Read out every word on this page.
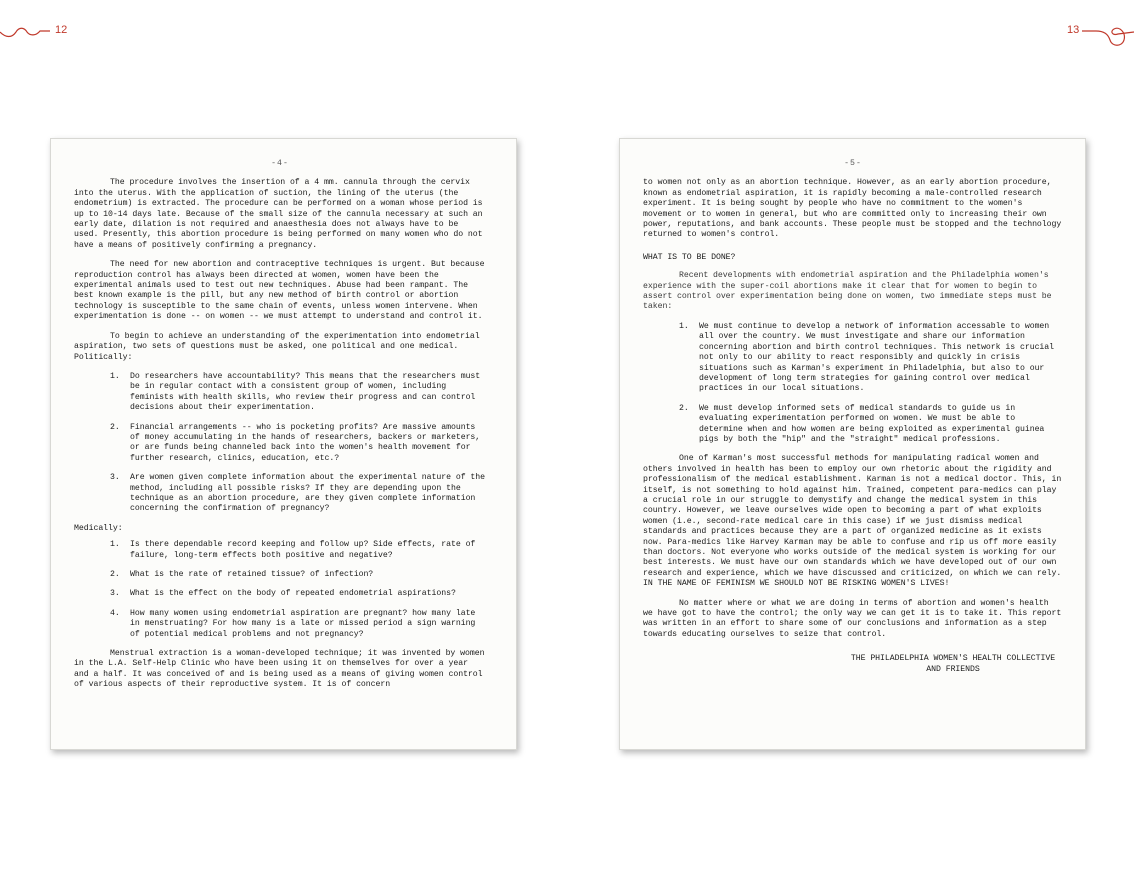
12	13
-4-

The procedure involves the insertion of a 4 mm. cannula through the cervix into the uterus. With the application of suction, the lining of the uterus (the endometrium) is extracted. The procedure can be performed on a woman whose period is up to 10-14 days late. Because of the small size of the cannula necessary at such an early date, dilation is not required and anaesthesia does not always have to be used. Presently, this abortion procedure is being performed on many women who do not have a means of positively confirming a pregnancy.

The need for new abortion and contraceptive techniques is urgent. But because reproduction control has always been directed at women, women have been the experimental animals used to test out new techniques. Abuse had been rampant. The best known example is the pill, but any new method of birth control or abortion technology is susceptible to the same chain of events, unless women intervene. When experimentation is done -- on women -- we must attempt to understand and control it.

To begin to achieve an understanding of the experimentation into endometrial aspiration, two sets of questions must be asked, one political and one medical. Politically:

1. Do researchers have accountability? This means that the researchers must be in regular contact with a consistent group of women, including feminists with health skills, who review their progress and can control decisions about their experimentation.
2. Financial arrangements -- who is pocketing profits? Are massive amounts of money accumulating in the hands of researchers, backers or marketers, or are funds being channeled back into the women's health movement for further research, clinics, education, etc.?
3. Are women given complete information about the experimental nature of the method, including all possible risks? If they are depending upon the technique as an abortion procedure, are they given complete information concerning the confirmation of pregnancy?
Medically:
1. Is there dependable record keeping and follow up? Side effects, rate of failure, long-term effects both positive and negative?
2. What is the rate of retained tissue? of infection?
3. What is the effect on the body of repeated endometrial aspirations?
4. How many women using endometrial aspiration are pregnant? how many late in menstruating? For how many is a late or missed period a sign warning of potential medical problems and not pregnancy?

Menstrual extraction is a woman-developed technique; it was invented by women in the L.A. Self-Help Clinic who have been using it on themselves for over a year and a half. It was conceived of and is being used as a means of giving women control of various aspects of their reproductive system. It is of concern

-5-

to women not only as an abortion technique. However, as an early abortion procedure, known as endometrial aspiration, it is rapidly becoming a male-controlled research experiment. It is being sought by people who have no commitment to the women's movement or to women in general, but who are committed only to increasing their own power, reputations, and bank accounts. These people must be stopped and the technology returned to women's control.

WHAT IS TO BE DONE?

Recent developments with endometrial aspiration and the Philadelphia women's experience with the super-coil abortions make it clear that for women to begin to assert control over experimentation being done on women, two immediate steps must be taken:

1. We must continue to develop a network of information accessable to women all over the country. We must investigate and share our information concerning abortion and birth control techniques. This network is crucial not only to our ability to react responsibly and quickly in crisis situations such as Karman's experiment in Philadelphia, but also to our development of long term strategies for gaining control over medical practices in our local situations.
2. We must develop informed sets of medical standards to guide us in evaluating experimentation performed on women. We must be able to determine when and how women are being exploited as experimental guinea pigs by both the "hip" and the "straight" medical professions.

One of Karman's most successful methods for manipulating radical women and others involved in health has been to employ our own rhetoric about the rigidity and professionalism of the medical establishment. Karman is not a medical doctor. This, in itself, is not something to hold against him. Trained, competent para-medics can play a crucial role in our struggle to demystify and change the medical system in this country. However, we leave ourselves wide open to becoming a part of what exploits women (i.e., second-rate medical care in this case) if we just dismiss medical standards and practices because they are a part of organized medicine as it exists now. Para-medics like Harvey Karman may be able to confuse and rip us off more easily than doctors. Not everyone who works outside of the medical system is working for our best interests. We must have our own standards which we have developed out of our own research and experience, which we have discussed and criticized, on which we can rely. IN THE NAME OF FEMINISM WE SHOULD NOT BE RISKING WOMEN'S LIVES!

No matter where or what we are doing in terms of abortion and women's health we have got to have the control; the only way we can get it is to take it. This report was written in an effort to share some of our conclusions and information as a step towards educating ourselves to seize that control.

THE PHILADELPHIA WOMEN'S HEALTH COLLECTIVE
AND FRIENDS
